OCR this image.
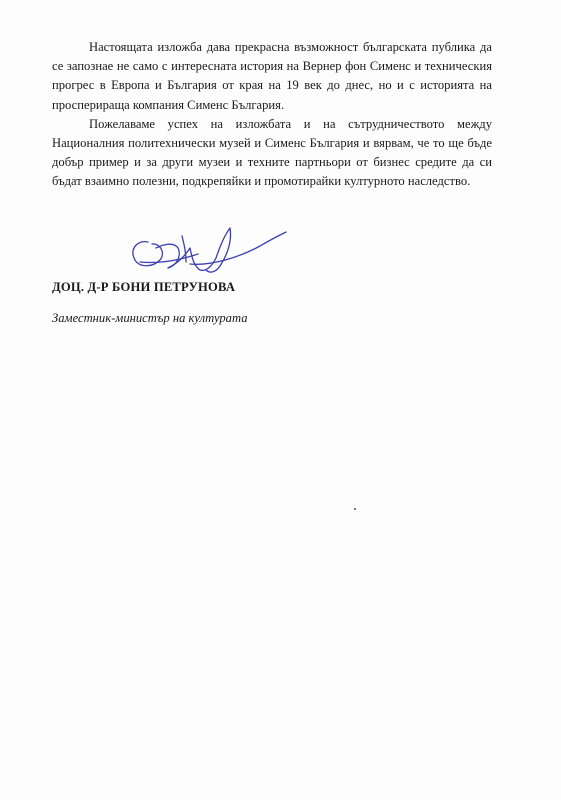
Настоящата изложба дава прекрасна възможност българската публика да се запознае не само с интересната история на Вернер фон Сименс и техническия прогрес в Европа и България от края на 19 век до днес, но и с историята на просперираща компания Сименс България.

Пожелаваме успех на изложбата и на сътрудничеството между Националния политехнически музей и Сименс България и вярвам, че то ще бъде добър пример и за други музеи и техните партньори от бизнес средите да си бъдат взаимно полезни, подкрепяйки и промотирайки културното наследство.

ДОЦ. Д-Р БОНИ ПЕТРУНОВА
Заместник-министър на културата
